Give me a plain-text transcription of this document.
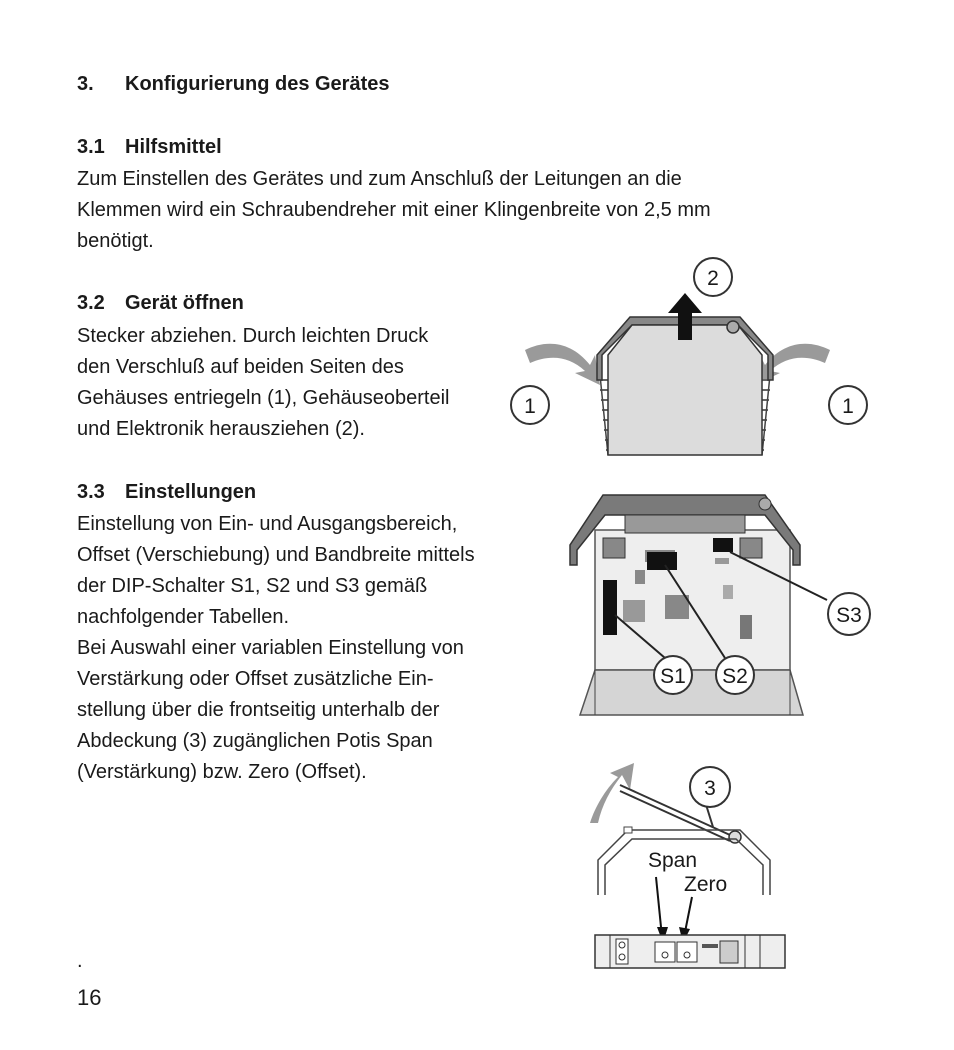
3. Konfigurierung des Gerätes
3.1 Hilfsmittel

Zum Einstellen des Gerätes und zum Anschluß der Leitungen an die
Klemmen wird ein Schraubendreher mit einer Klingenbreite von 2,5 mm
benötigt.

3.2 Gerät öffnen

Stecker abziehen. Durch leichten Druck
den Verschluß auf beiden Seiten des
Gehäuses entriegeln (1), Gehäuseoberteil
und Elektronik herausziehen (2).

3.3 Einstellungen

Einstellung von Ein- und Ausgangsbereich,
Offset (Verschiebung) und Bandbreite mittels
der DIP-Schalter S1, S2 und S3 gemäß
nachfolgender Tabellen.
Bei Auswahl einer variablen Einstellung von
Verstärkung oder Offset zusätzliche Ein-
stellung über die frontseitig unterhalb der
Abdeckung (3) zugänglichen Potis Span
(Verstärkung) bzw. Zero (Offset).

2
1	1
S1 S2
S3
3
Span
Zero
.
16
